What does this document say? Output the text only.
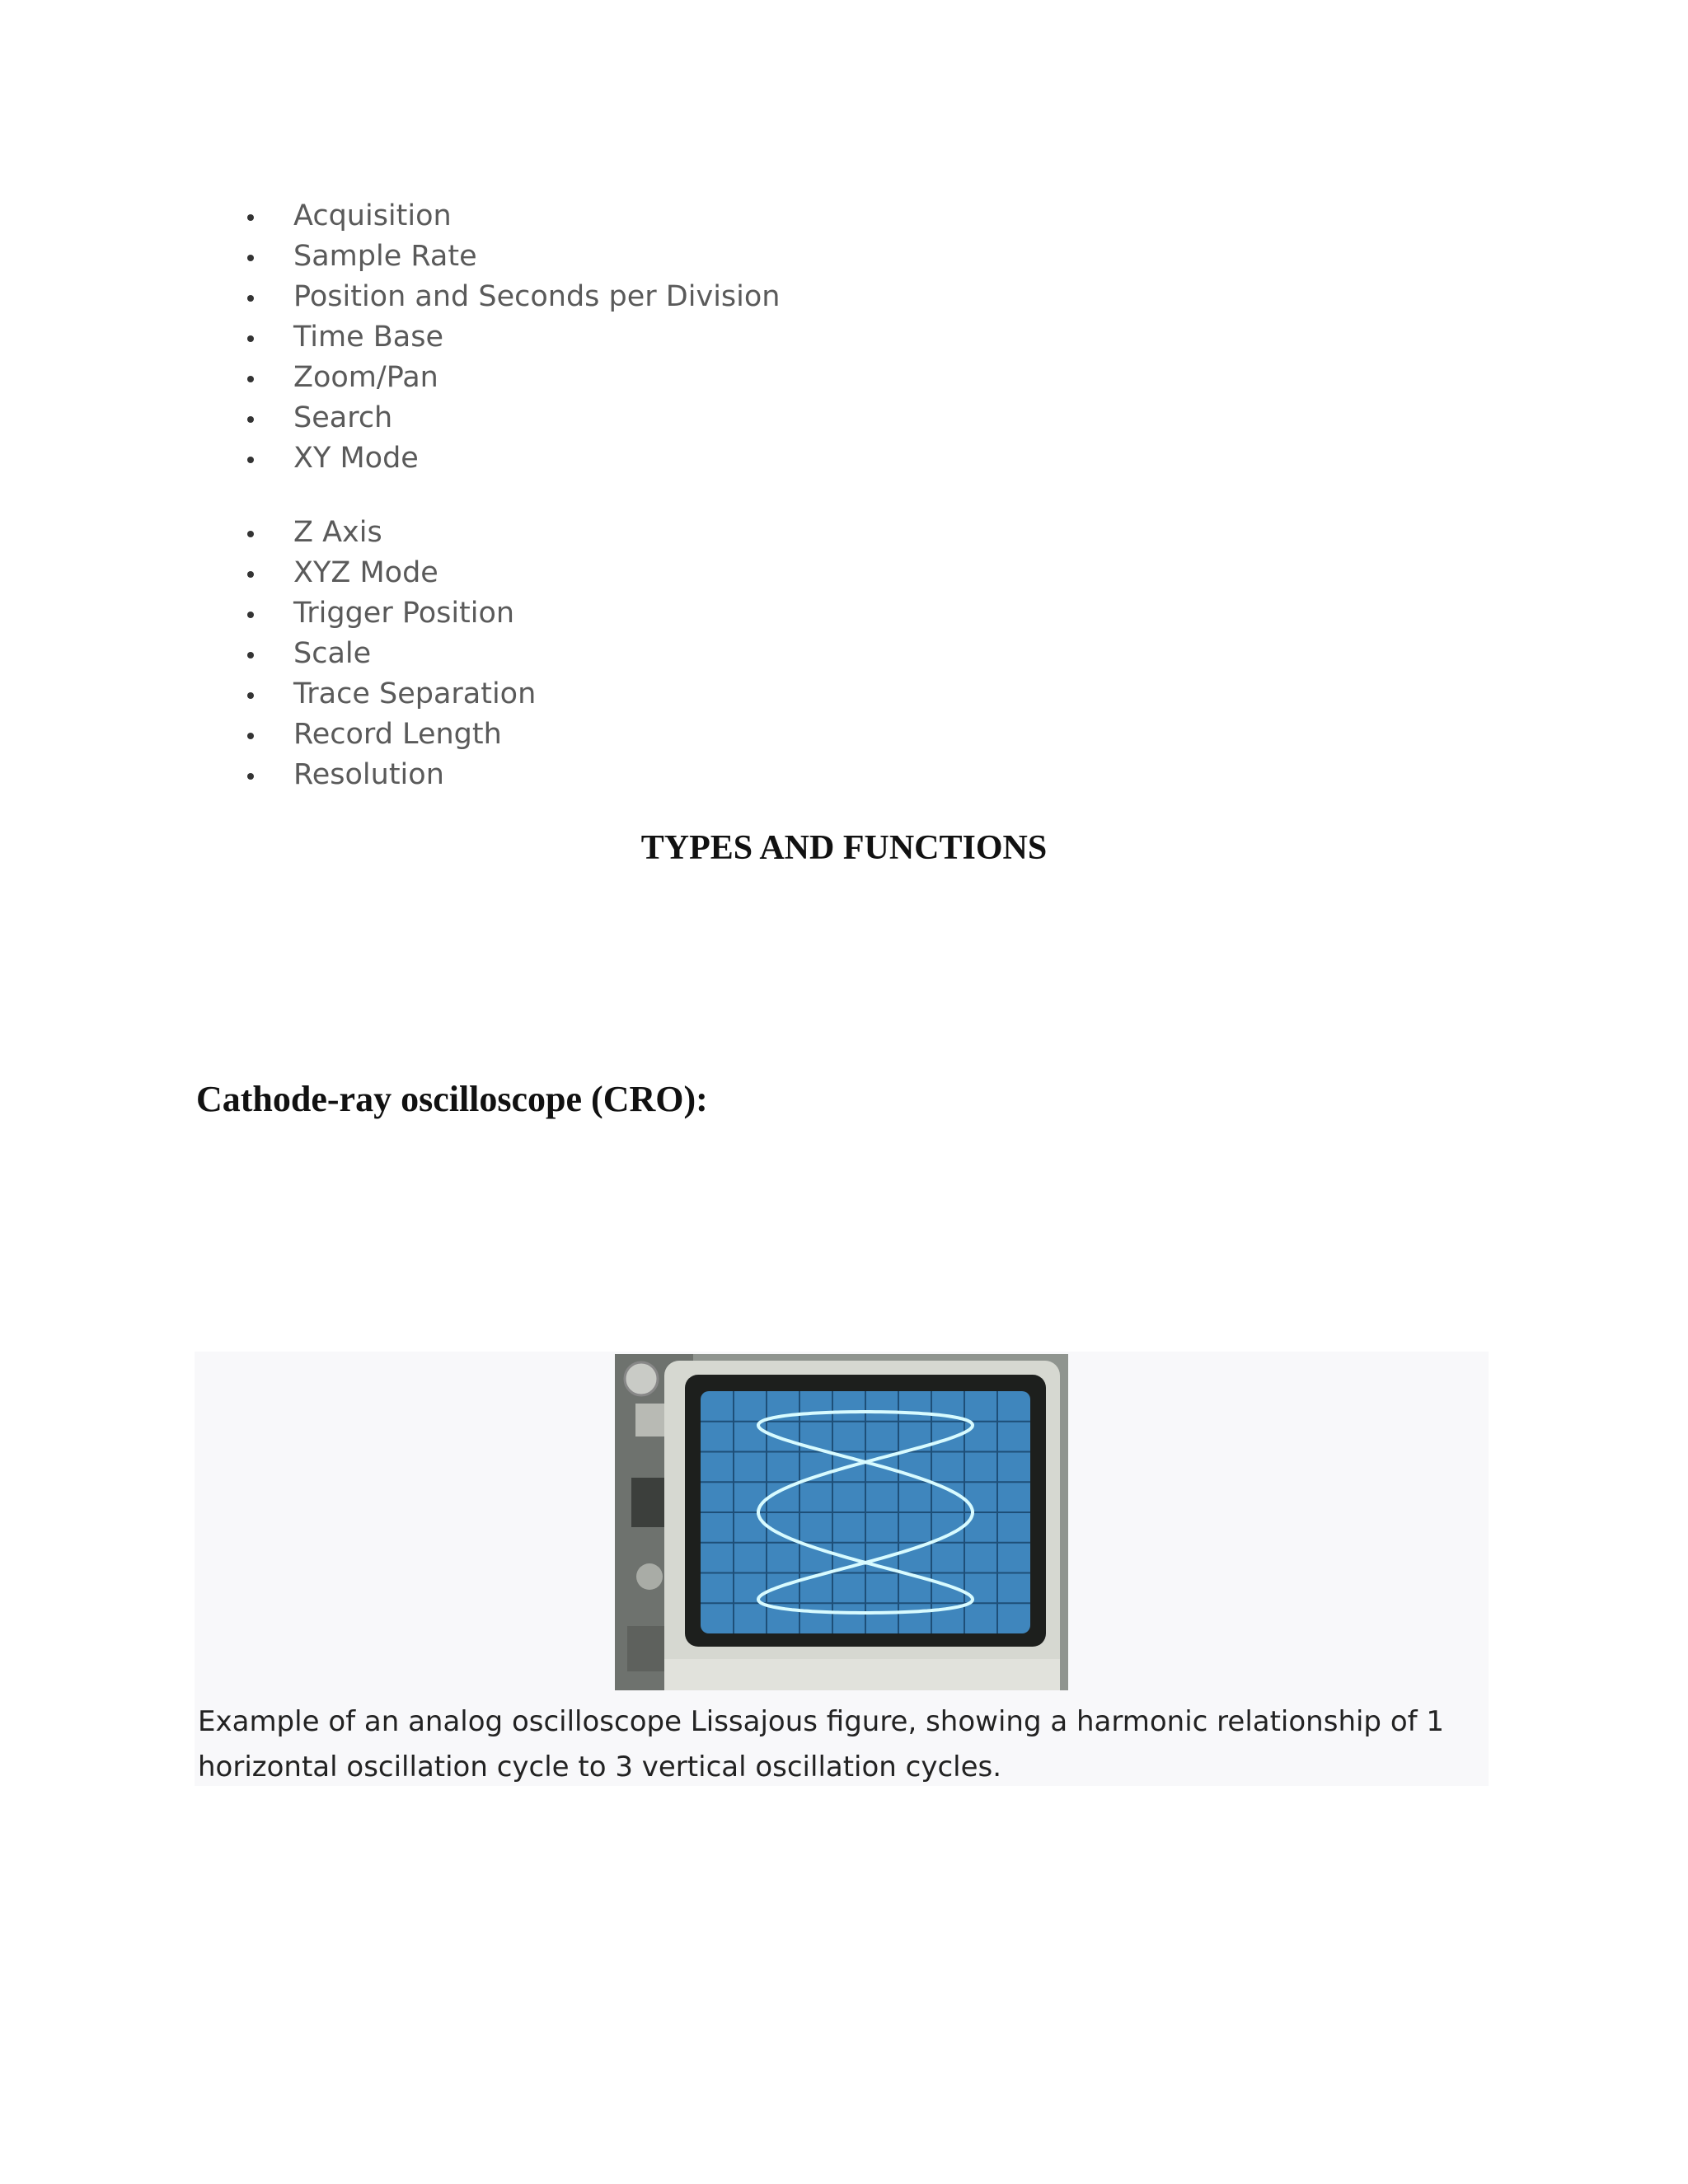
Acquisition
Sample Rate
Position and Seconds per Division
Time Base
Zoom/Pan
Search
XY Mode
Z Axis
XYZ Mode
Trigger Position
Scale
Trace Separation
Record Length
Resolution
TYPES AND FUNCTIONS
Cathode-ray oscilloscope (CRO):
Example of an analog oscilloscope Lissajous figure, showing a harmonic relationship of 1 horizontal oscillation cycle to 3 vertical oscillation cycles.
